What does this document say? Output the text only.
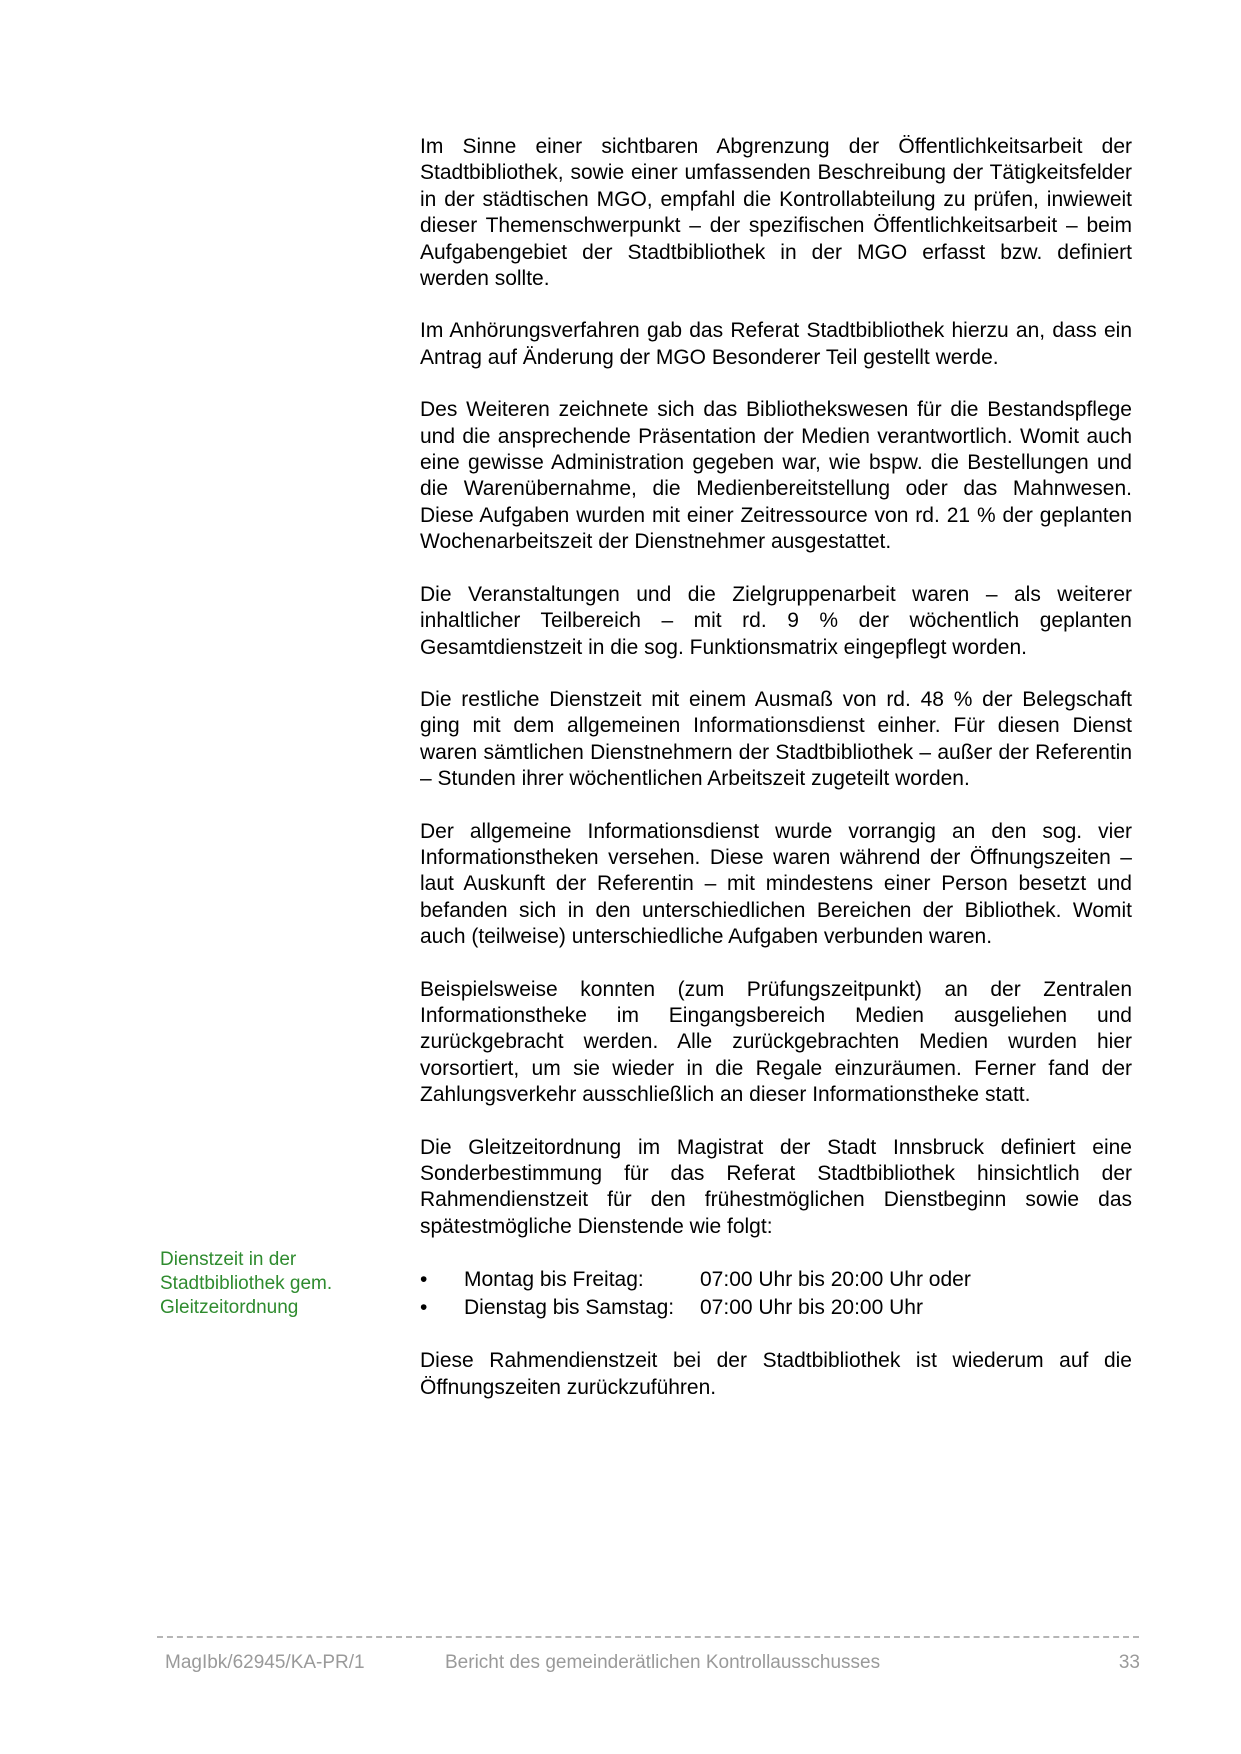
Im Sinne einer sichtbaren Abgrenzung der Öffentlichkeitsarbeit der Stadtbibliothek, sowie einer umfassenden Beschreibung der Tätigkeitsfelder in der städtischen MGO, empfahl die Kontrollabteilung zu prüfen, inwieweit dieser Themenschwerpunkt – der spezifischen Öffentlichkeitsarbeit – beim Aufgabengebiet der Stadtbibliothek in der MGO erfasst bzw. definiert werden sollte.

Im Anhörungsverfahren gab das Referat Stadtbibliothek hierzu an, dass ein Antrag auf Änderung der MGO Besonderer Teil gestellt werde.

Des Weiteren zeichnete sich das Bibliothekswesen für die Bestandspflege und die ansprechende Präsentation der Medien verantwortlich. Womit auch eine gewisse Administration gegeben war, wie bspw. die Bestellungen und die Warenübernahme, die Medienbereitstellung oder das Mahnwesen. Diese Aufgaben wurden mit einer Zeitressource von rd. 21 % der geplanten Wochenarbeitszeit der Dienstnehmer ausgestattet.

Die Veranstaltungen und die Zielgruppenarbeit waren – als weiterer inhaltlicher Teilbereich – mit rd. 9 % der wöchentlich geplanten Gesamtdienstzeit in die sog. Funktionsmatrix eingepflegt worden.

Die restliche Dienstzeit mit einem Ausmaß von rd. 48 % der Belegschaft ging mit dem allgemeinen Informationsdienst einher. Für diesen Dienst waren sämtlichen Dienstnehmern der Stadtbibliothek – außer der Referentin – Stunden ihrer wöchentlichen Arbeitszeit zugeteilt worden.

Der allgemeine Informationsdienst wurde vorrangig an den sog. vier Informationstheken versehen. Diese waren während der Öffnungszeiten – laut Auskunft der Referentin – mit mindestens einer Person besetzt und befanden sich in den unterschiedlichen Bereichen der Bibliothek. Womit auch (teilweise) unterschiedliche Aufgaben verbunden waren.

Beispielsweise konnten (zum Prüfungszeitpunkt) an der Zentralen Informationstheke im Eingangsbereich Medien ausgeliehen und zurückgebracht werden. Alle zurückgebrachten Medien wurden hier vorsortiert, um sie wieder in die Regale einzuräumen. Ferner fand der Zahlungsverkehr ausschließlich an dieser Informationstheke statt.

Die Gleitzeitordnung im Magistrat der Stadt Innsbruck definiert eine Sonderbestimmung für das Referat Stadtbibliothek hinsichtlich der Rahmendienstzeit für den frühestmöglichen Dienstbeginn sowie das spätestmögliche Dienstende wie folgt:

• Montag bis Freitag:	07:00 Uhr bis 20:00 Uhr oder
• Dienstag bis Samstag: 07:00 Uhr bis 20:00 Uhr

Diese Rahmendienstzeit bei der Stadtbibliothek ist wiederum auf die Öffnungszeiten zurückzuführen.

Dienstzeit in der
Stadtbibliothek gem.
Gleitzeitordnung
MagIbk/62945/KA-PR/1	Bericht des gemeinderätlichen Kontrollausschusses	33
